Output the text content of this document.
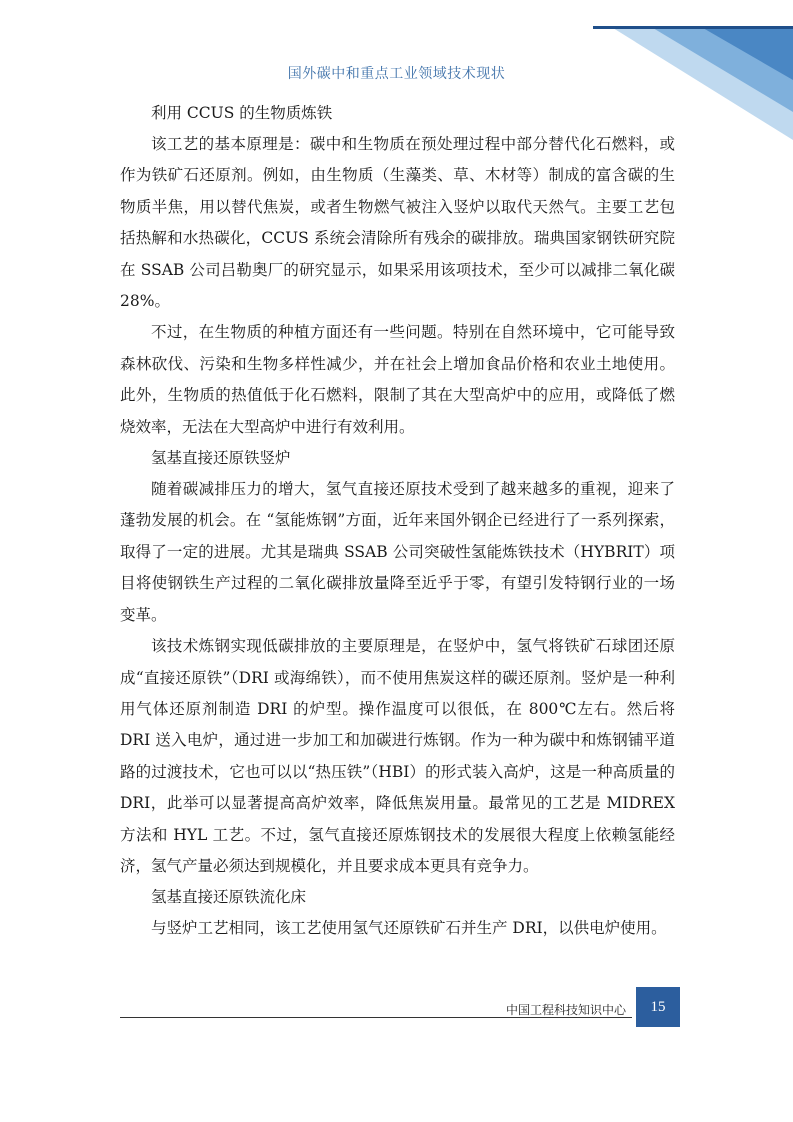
国外碳中和重点工业领域技术现状

利用 CCUS 的生物质炼铁

该工艺的基本原理是：碳中和生物质在预处理过程中部分替代化石燃料，或作为铁矿石还原剂。例如，由生物质（生藻类、草、木材等）制成的富含碳的生物质半焦，用以替代焦炭，或者生物燃气被注入竖炉以取代天然气。主要工艺包括热解和水热碳化，CCUS 系统会清除所有残余的碳排放。瑞典国家钢铁研究院在 SSAB 公司吕勒奥厂的研究显示，如果采用该项技术，至少可以减排二氧化碳 28%。

不过，在生物质的种植方面还有一些问题。特别在自然环境中，它可能导致森林砍伐、污染和生物多样性减少，并在社会上增加食品价格和农业土地使用。此外，生物质的热值低于化石燃料，限制了其在大型高炉中的应用，或降低了燃烧效率，无法在大型高炉中进行有效利用。

氢基直接还原铁竖炉

随着碳减排压力的增大，氢气直接还原技术受到了越来越多的重视，迎来了蓬勃发展的机会。在 “氢能炼钢”方面，近年来国外钢企已经进行了一系列探索，取得了一定的进展。尤其是瑞典 SSAB 公司突破性氢能炼铁技术（HYBRIT）项目将使钢铁生产过程的二氧化碳排放量降至近乎于零，有望引发特钢行业的一场变革。

该技术炼钢实现低碳排放的主要原理是，在竖炉中，氢气将铁矿石球团还原成“直接还原铁”（DRI 或海绵铁），而不使用焦炭这样的碳还原剂。竖炉是一种利用气体还原剂制造 DRI 的炉型。操作温度可以很低，在 800℃左右。然后将 DRI 送入电炉，通过进一步加工和加碳进行炼钢。作为一种为碳中和炼钢铺平道路的过渡技术，它也可以以“热压铁”（HBI）的形式装入高炉，这是一种高质量的 DRI，此举可以显著提高高炉效率，降低焦炭用量。最常见的工艺是 MIDREX 方法和 HYL 工艺。不过，氢气直接还原炼钢技术的发展很大程度上依赖氢能经济，氢气产量必须达到规模化，并且要求成本更具有竞争力。

氢基直接还原铁流化床

与竖炉工艺相同，该工艺使用氢气还原铁矿石并生产 DRI，以供电炉使用。

中国工程科技知识中心	15
